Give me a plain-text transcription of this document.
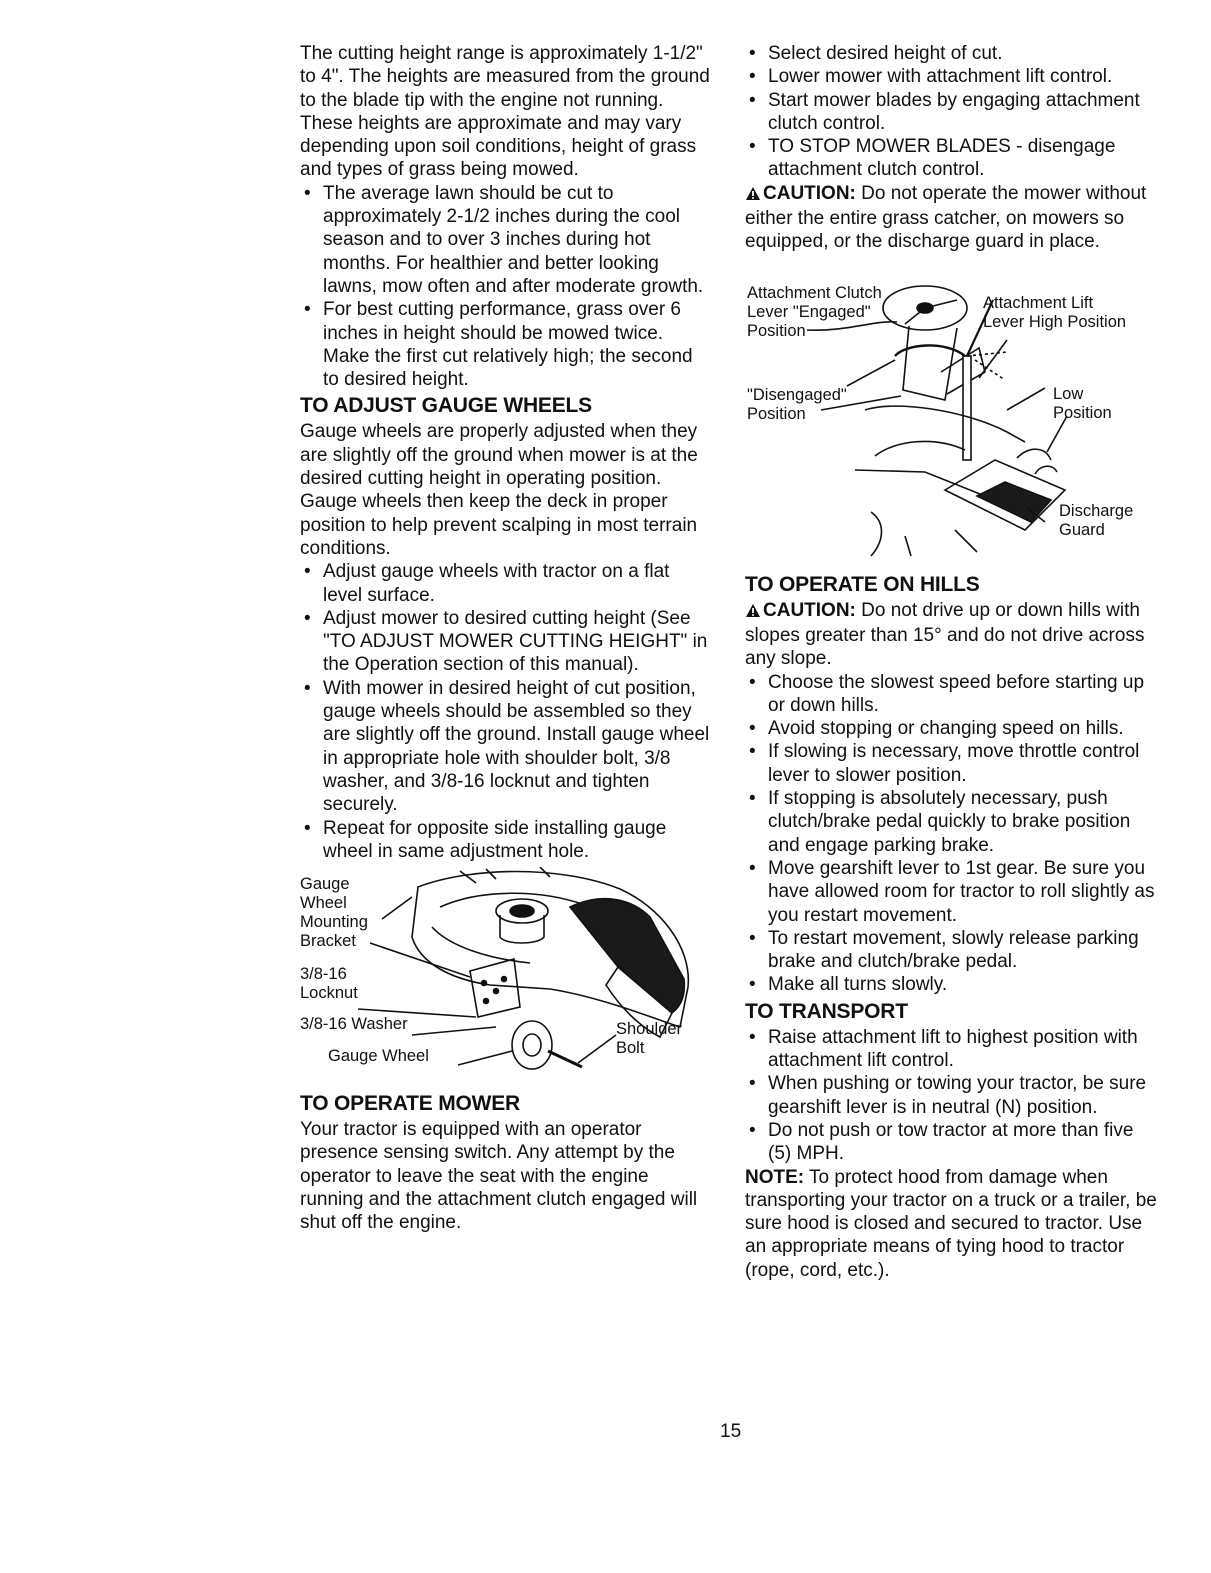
The cutting height range is approximately 1-1/2" to 4". The heights are measured from the ground to the blade tip with the engine not running. These heights are approximate and may vary depending upon soil conditions, height of grass and types of grass being mowed.

• The average lawn should be cut to approximately 2-1/2 inches during the cool season and to over 3 inches during hot months. For healthier and better looking lawns, mow often and after moderate growth.
• For best cutting performance, grass over 6 inches in height should be mowed twice. Make the first cut relatively high; the second to desired height.
TO ADJUST GAUGE WHEELS

Gauge wheels are properly adjusted when they are slightly off the ground when mower is at the desired cutting height in operating position. Gauge wheels then keep the deck in proper position to help prevent scalping in most terrain conditions.

• Adjust gauge wheels with tractor on a flat level surface.
• Adjust mower to desired cutting height (See "TO ADJUST MOWER CUTTING HEIGHT" in the Operation section of this manual).
• With mower in desired height of cut position, gauge wheels should be assembled so they are slightly off the ground. Install gauge wheel in appropriate hole with shoulder bolt, 3/8 washer, and 3/8-16 locknut and tighten securely.
• Repeat for opposite side installing gauge wheel in same adjustment hole.
Gauge
Wheel
Mounting
Bracket
3/8-16
Locknut
3/8-16 Washer
Gauge Wheel
Shoulder
Bolt
TO OPERATE MOWER

Your tractor is equipped with an operator presence sensing switch. Any attempt by the operator to leave the seat with the engine running and the attachment clutch engaged will shut off the engine.

• Select desired height of cut.
• Lower mower with attachment lift control.
• Start mower blades by engaging attachment clutch control.
• TO STOP MOWER BLADES - disengage attachment clutch control.

CAUTION: Do not operate the mower without either the entire grass catcher, on mowers so equipped, or the discharge guard in place.

Attachment Clutch
Lever "Engaged"
Position
"Disengaged"
Position
Attachment Lift
Lever High Position
Low
Position
Discharge
Guard
TO OPERATE ON HILLS

CAUTION: Do not drive up or down hills with slopes greater than 15° and do not drive across any slope.

• Choose the slowest speed before starting up or down hills.
• Avoid stopping or changing speed on hills.
• If slowing is necessary, move throttle control lever to slower position.
• If stopping is absolutely necessary, push clutch/brake pedal quickly to brake position and engage parking brake.
• Move gearshift lever to 1st gear. Be sure you have allowed room for tractor to roll slightly as you restart movement.
• To restart movement, slowly release parking brake and clutch/brake pedal.
• Make all turns slowly.
TO TRANSPORT
• Raise attachment lift to highest position with attachment lift control.
• When pushing or towing your tractor, be sure gearshift lever is in neutral (N) position.
• Do not push or tow tractor at more than five (5) MPH.

NOTE: To protect hood from damage when transporting your tractor on a truck or a trailer, be sure hood is closed and secured to tractor. Use an appropriate means of tying hood to tractor (rope, cord, etc.).

15
